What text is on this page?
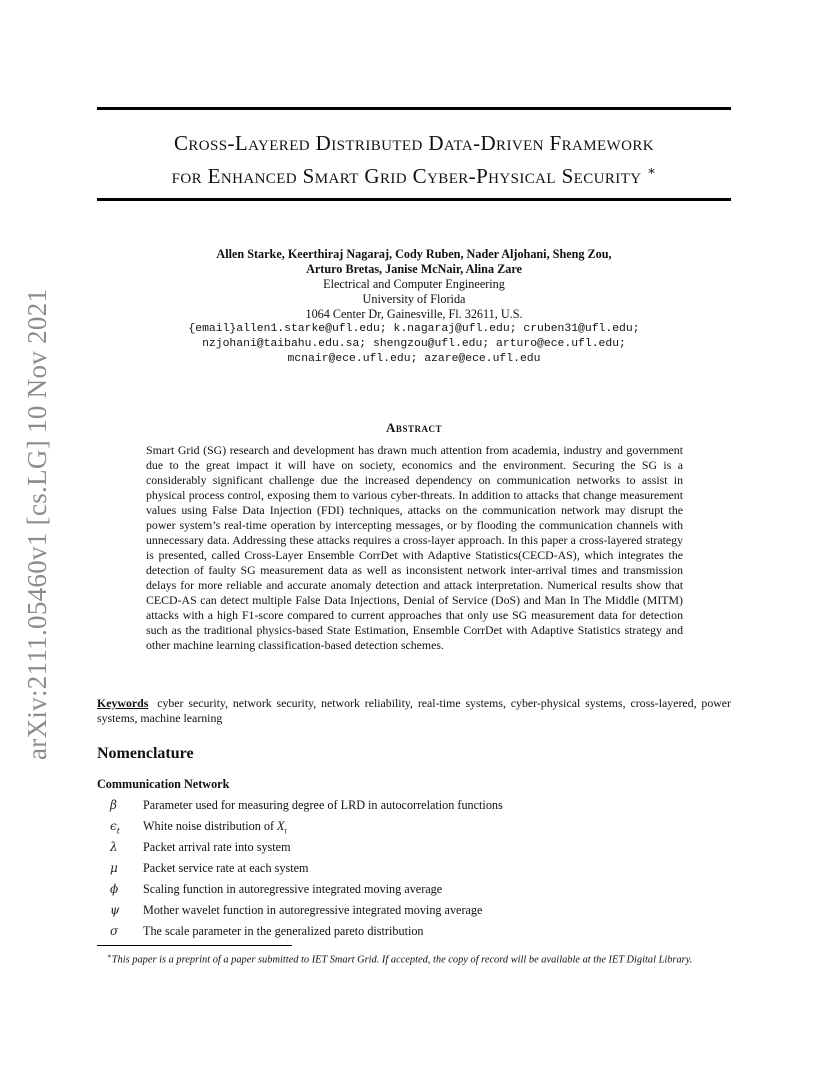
arXiv:2111.05460v1 [cs.LG] 10 Nov 2021
Cross-Layered Distributed Data-Driven Framework
for Enhanced Smart Grid Cyber-Physical Security ∗
Allen Starke, Keerthiraj Nagaraj, Cody Ruben, Nader Aljohani, Sheng Zou,
Arturo Bretas, Janise McNair, Alina Zare
Electrical and Computer Engineering
University of Florida
1064 Center Dr, Gainesville, Fl. 32611, U.S.
{email}allen1.starke@ufl.edu; k.nagaraj@ufl.edu; cruben31@ufl.edu;
nzjohani@taibahu.edu.sa; shengzou@ufl.edu; arturo@ece.ufl.edu;
mcnair@ece.ufl.edu; azare@ece.ufl.edu
Abstract
Smart Grid (SG) research and development has drawn much attention from academia, industry and government due to the great impact it will have on society, economics and the environment. Securing the SG is a considerably significant challenge due the increased dependency on communication networks to assist in physical process control, exposing them to various cyber-threats. In addition to attacks that change measurement values using False Data Injection (FDI) techniques, attacks on the communication network may disrupt the power system’s real-time operation by intercepting messages, or by flooding the communication channels with unnecessary data. Addressing these attacks requires a cross-layer approach. In this paper a cross-layered strategy is presented, called Cross-Layer Ensemble CorrDet with Adaptive Statistics(CECD-AS), which integrates the detection of faulty SG measurement data as well as inconsistent network inter-arrival times and transmission delays for more reliable and accurate anomaly detection and attack interpretation. Numerical results show that CECD-AS can detect multiple False Data Injections, Denial of Service (DoS) and Man In The Middle (MITM) attacks with a high F1-score compared to current approaches that only use SG measurement data for detection such as the traditional physics-based State Estimation, Ensemble CorrDet with Adaptive Statistics strategy and other machine learning classification-based detection schemes.
Keywords cyber security, network security, network reliability, real-time systems, cyber-physical systems, cross-layered, power systems, machine learning
Nomenclature
Communication Network
β Parameter used for measuring degree of LRD in autocorrelation functions
$\epsilon_t$ White noise distribution of $X_t$
λ Packet arrival rate into system
μ Packet service rate at each system
ϕ Scaling function in autoregressive integrated moving average
ψ Mother wavelet function in autoregressive integrated moving average
σ The scale parameter in the generalized pareto distribution
∗This paper is a preprint of a paper submitted to IET Smart Grid. If accepted, the copy of record will be available at the IET Digital Library.
